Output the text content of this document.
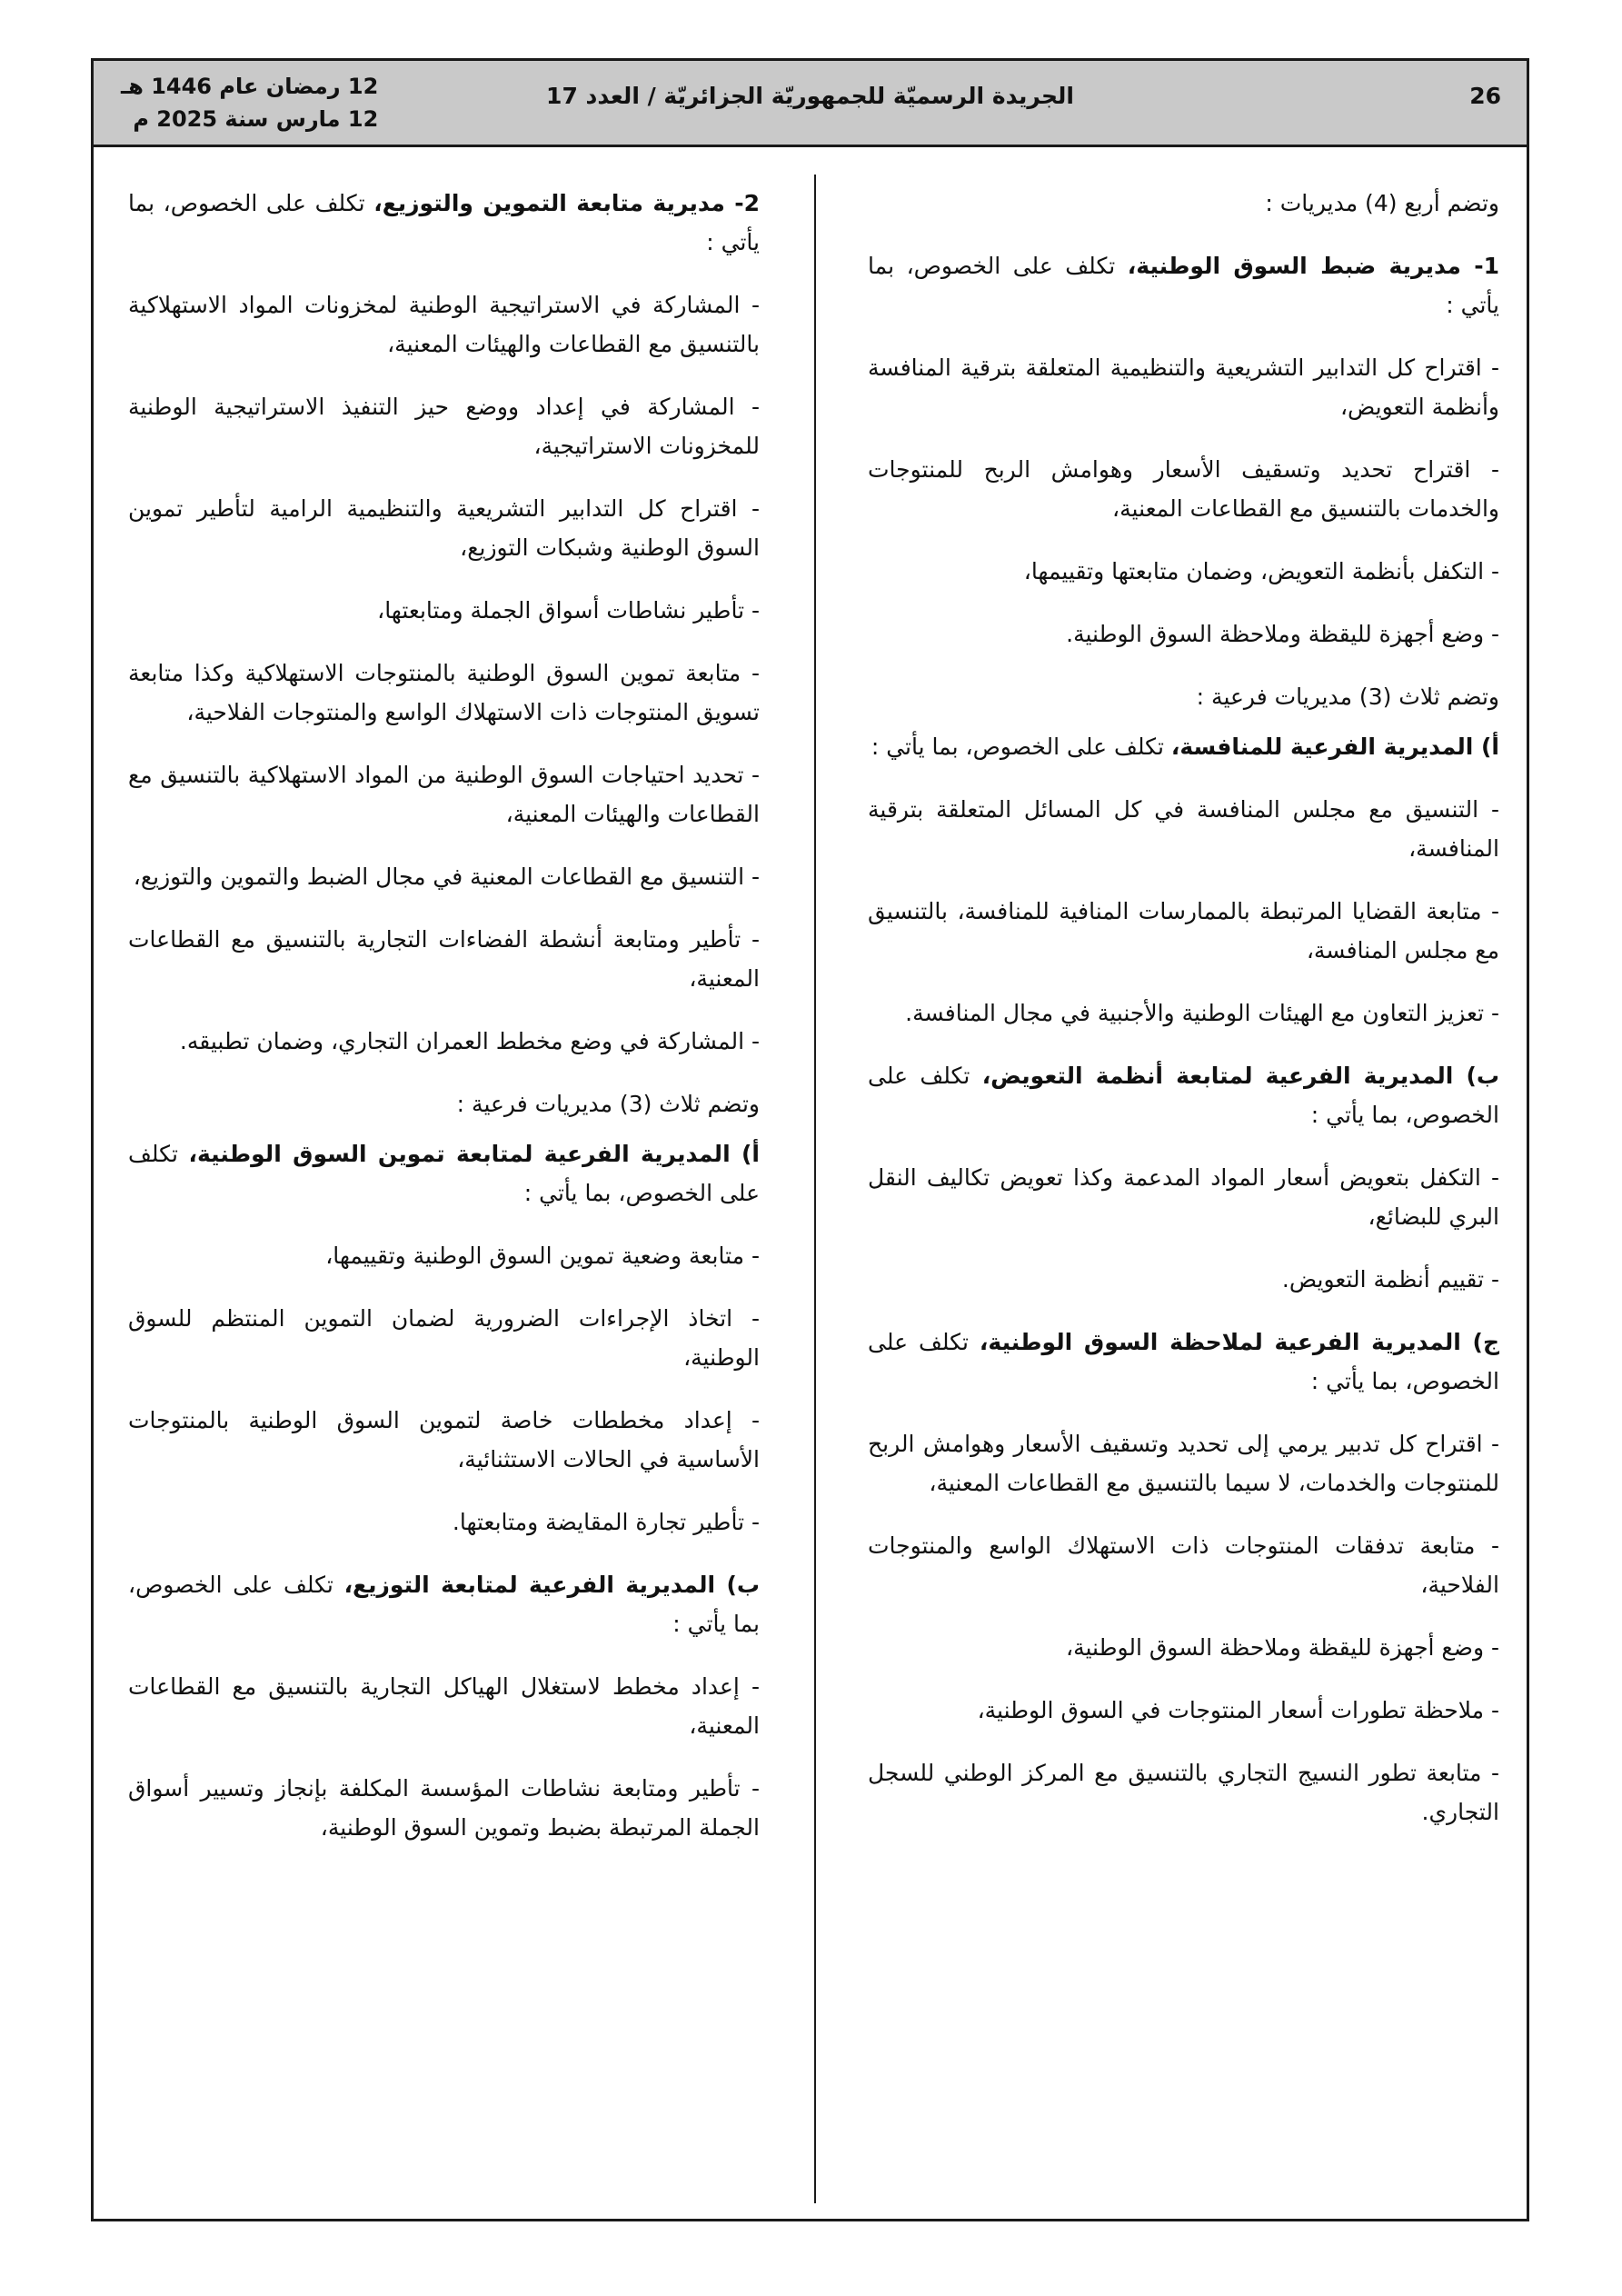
26
الجريدة الرسميّة للجمهوريّة الجزائريّة / العدد 17
12 رمضان عام 1446 هـ
12 مارس سنة 2025 م

وتضم أربع (4) مديريات :

1- مديرية ضبط السوق الوطنية، تكلف على الخصوص، بما يأتي :

- اقتراح كل التدابير التشريعية والتنظيمية المتعلقة بترقية المنافسة وأنظمة التعويض،

- اقتراح تحديد وتسقيف الأسعار وهوامش الربح للمنتوجات والخدمات بالتنسيق مع القطاعات المعنية،

- التكفل بأنظمة التعويض، وضمان متابعتها وتقييمها،

- وضع أجهزة لليقظة وملاحظة السوق الوطنية.

وتضم ثلاث (3) مديريات فرعية :

أ) المديرية الفرعية للمنافسة، تكلف على الخصوص، بما يأتي :

- التنسيق مع مجلس المنافسة في كل المسائل المتعلقة بترقية المنافسة،

- متابعة القضايا المرتبطة بالممارسات المنافية للمنافسة، بالتنسيق مع مجلس المنافسة،

- تعزيز التعاون مع الهيئات الوطنية والأجنبية في مجال المنافسة.

ب) المديرية الفرعية لمتابعة أنظمة التعويض، تكلف على الخصوص، بما يأتي :

- التكفل بتعويض أسعار المواد المدعمة وكذا تعويض تكاليف النقل البري للبضائع،

- تقييم أنظمة التعويض.

ج) المديرية الفرعية لملاحظة السوق الوطنية، تكلف على الخصوص، بما يأتي :

- اقتراح كل تدبير يرمي إلى تحديد وتسقيف الأسعار وهوامش الربح للمنتوجات والخدمات، لا سيما بالتنسيق مع القطاعات المعنية،

- متابعة تدفقات المنتوجات ذات الاستهلاك الواسع والمنتوجات الفلاحية،

- وضع أجهزة لليقظة وملاحظة السوق الوطنية،

- ملاحظة تطورات أسعار المنتوجات في السوق الوطنية،

- متابعة تطور النسيج التجاري بالتنسيق مع المركز الوطني للسجل التجاري.

2- مديرية متابعة التموين والتوزيع، تكلف على الخصوص، بما يأتي :

- المشاركة في الاستراتيجية الوطنية لمخزونات المواد الاستهلاكية بالتنسيق مع القطاعات والهيئات المعنية،

- المشاركة في إعداد ووضع حيز التنفيذ الاستراتيجية الوطنية للمخزونات الاستراتيجية،

- اقتراح كل التدابير التشريعية والتنظيمية الرامية لتأطير تموين السوق الوطنية وشبكات التوزيع،

- تأطير نشاطات أسواق الجملة ومتابعتها،

- متابعة تموين السوق الوطنية بالمنتوجات الاستهلاكية وكذا متابعة تسويق المنتوجات ذات الاستهلاك الواسع والمنتوجات الفلاحية،

- تحديد احتياجات السوق الوطنية من المواد الاستهلاكية بالتنسيق مع القطاعات والهيئات المعنية،

- التنسيق مع القطاعات المعنية في مجال الضبط والتموين والتوزيع،

- تأطير ومتابعة أنشطة الفضاءات التجارية بالتنسيق مع القطاعات المعنية،

- المشاركة في وضع مخطط العمران التجاري، وضمان تطبيقه.

وتضم ثلاث (3) مديريات فرعية :

أ) المديرية الفرعية لمتابعة تموين السوق الوطنية، تكلف على الخصوص، بما يأتي :

- متابعة وضعية تموين السوق الوطنية وتقييمها،

- اتخاذ الإجراءات الضرورية لضمان التموين المنتظم للسوق الوطنية،

- إعداد مخططات خاصة لتموين السوق الوطنية بالمنتوجات الأساسية في الحالات الاستثنائية،

- تأطير تجارة المقايضة ومتابعتها.

ب) المديرية الفرعية لمتابعة التوزيع، تكلف على الخصوص، بما يأتي :

- إعداد مخطط لاستغلال الهياكل التجارية بالتنسيق مع القطاعات المعنية،

- تأطير ومتابعة نشاطات المؤسسة المكلفة بإنجاز وتسيير أسواق الجملة المرتبطة بضبط وتموين السوق الوطنية،
